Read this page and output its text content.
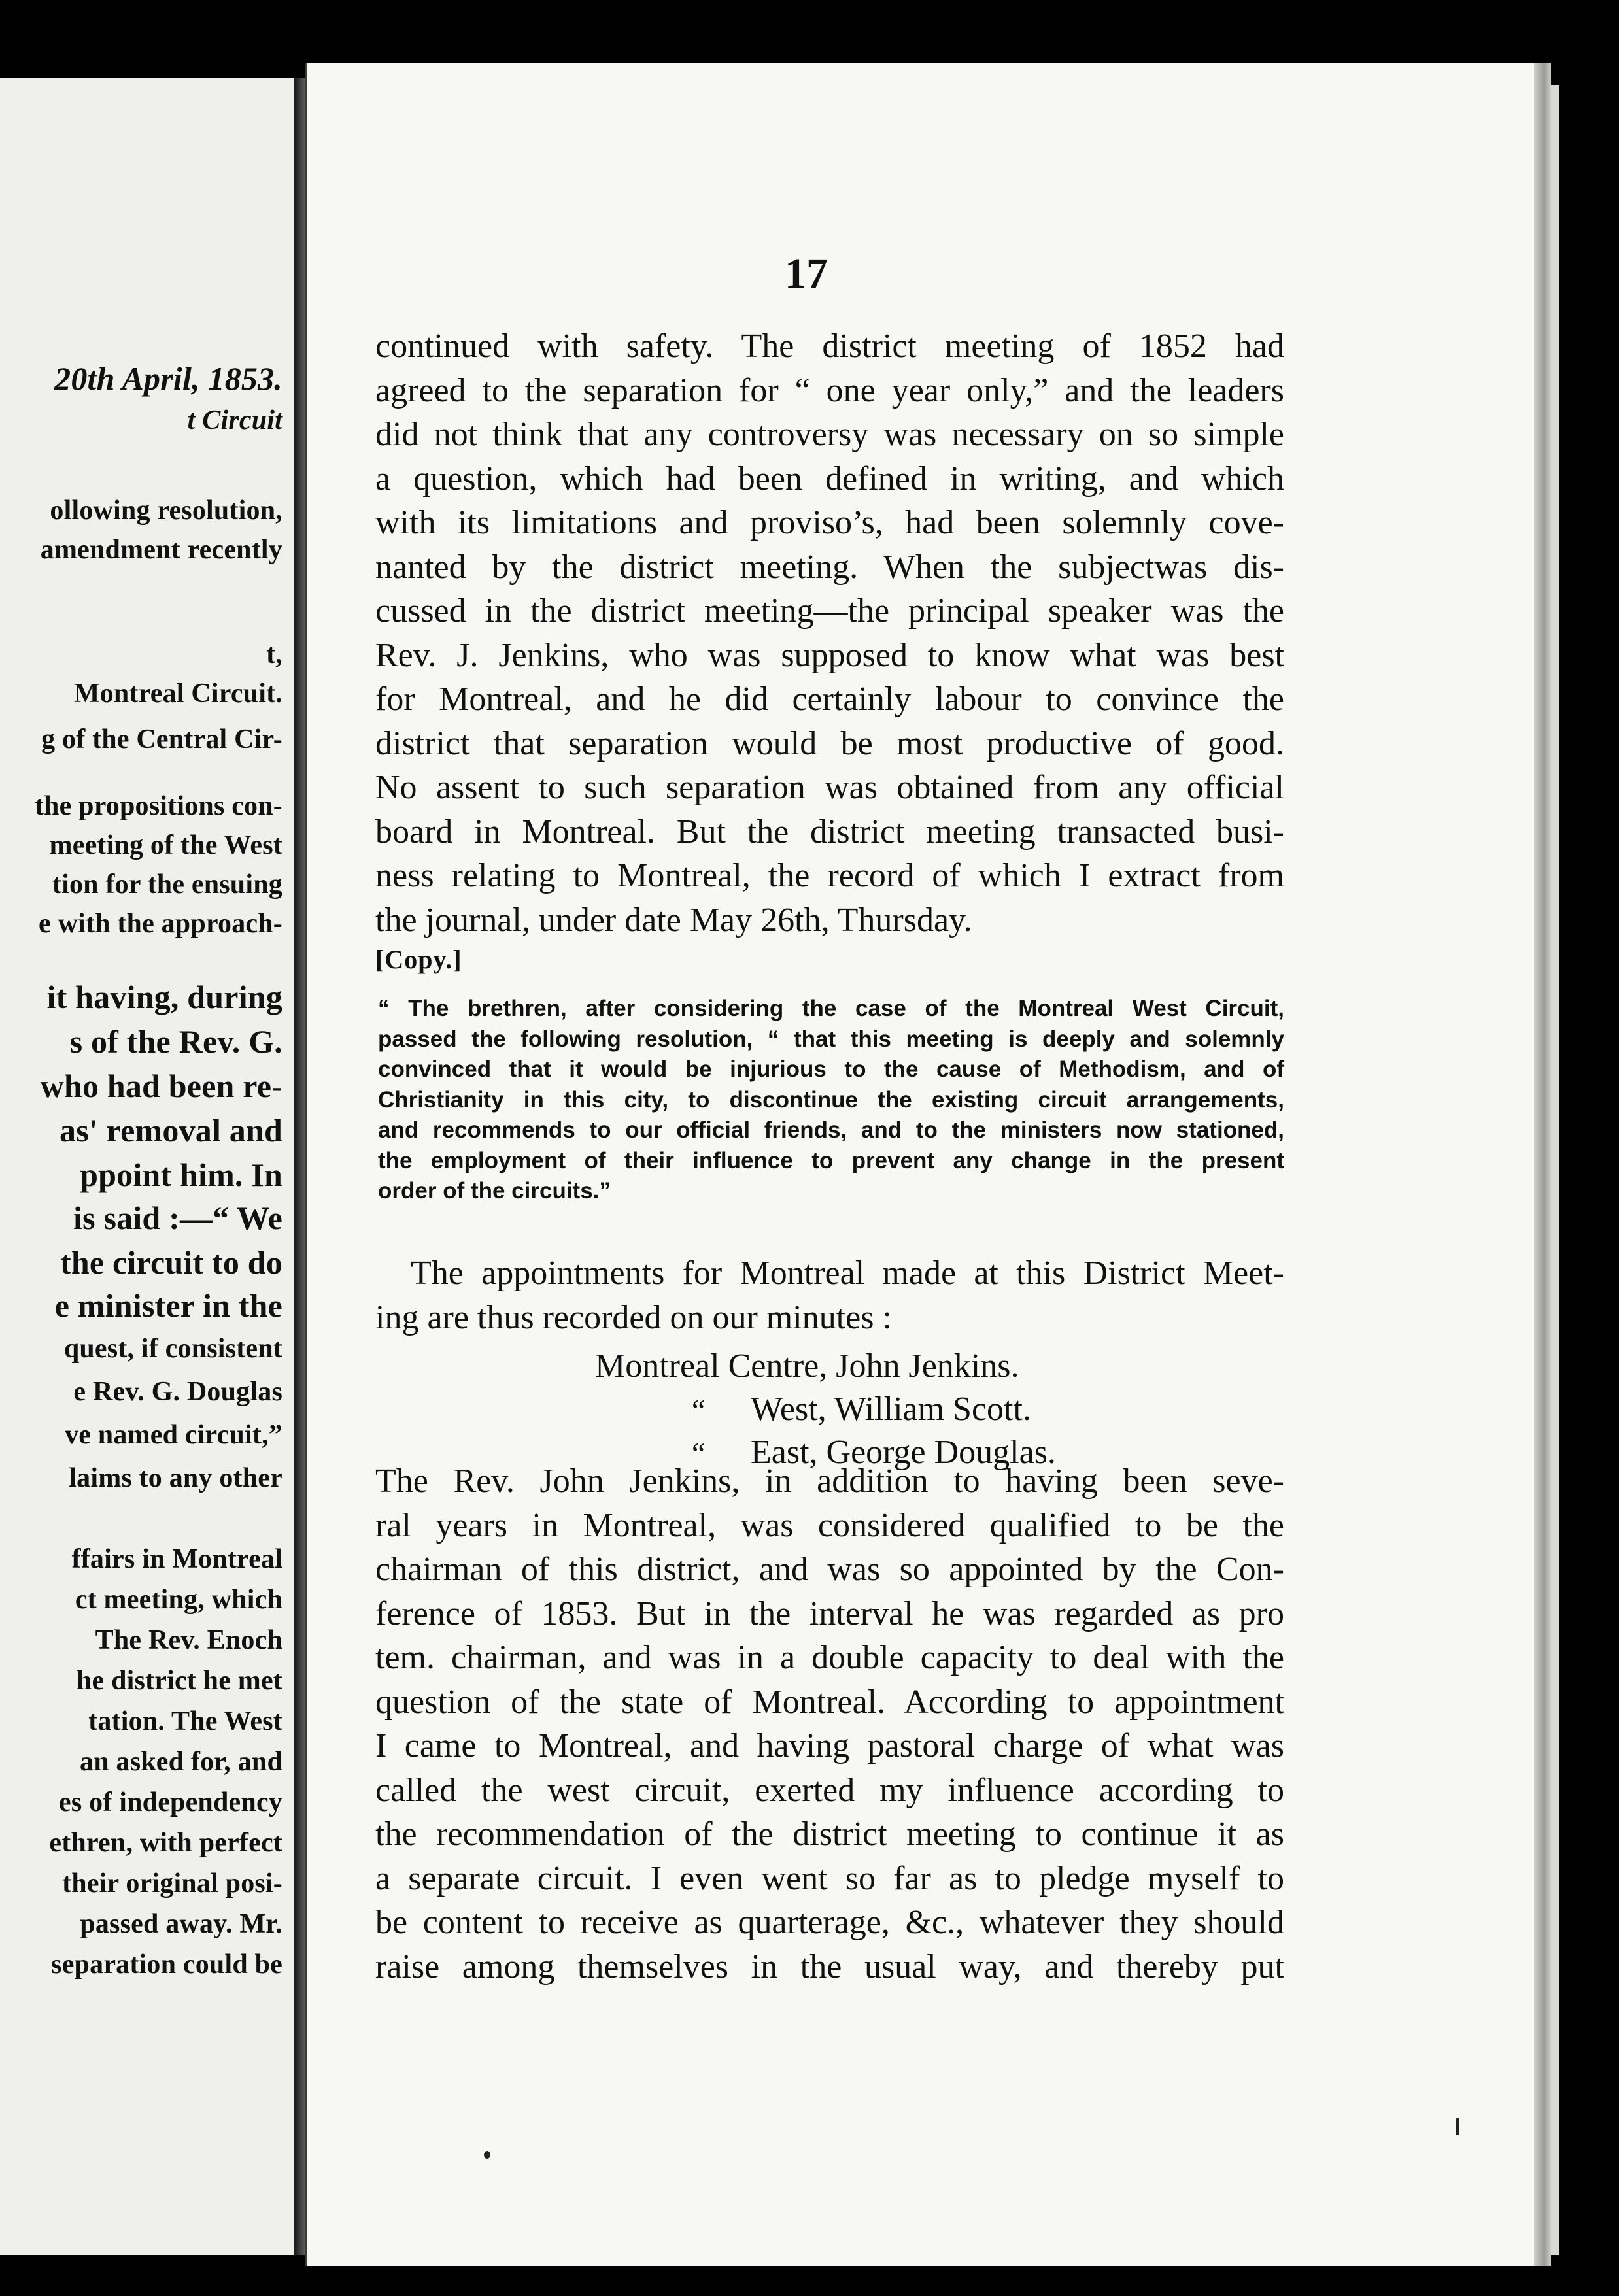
20th April, 1853.
t Circuit
ollowing resolution,
amendment recently
t,
Montreal Circuit.
g of the Central Cir-
the propositions con-
meeting of the West
tion for the ensuing
e with the approach-
it having, during
s of the Rev. G.
who had been re-
as' removal and
ppoint him. In
is said :—“ We
the circuit to do
e minister in the
quest, if consistent
e Rev. G. Douglas
ve named circuit,”
laims to any other
ffairs in Montreal
ct meeting, which
The Rev. Enoch
he district he met
tation. The West
an asked for, and
es of independency
ethren, with perfect
their original posi-
passed away. Mr.
separation could be
17
continued with safety. The district meeting of 1852 had
agreed to the separation for “ one year only,” and the leaders
did not think that any controversy was necessary on so simple
a question, which had been defined in writing, and which
with its limitations and proviso’s, had been solemnly cove-
nanted by the district meeting. When the subjectwas dis-
cussed in the district meeting—the principal speaker was the
Rev. J. Jenkins, who was supposed to know what was best
for Montreal, and he did certainly labour to convince the
district that separation would be most productive of good.
No assent to such separation was obtained from any official
board in Montreal. But the district meeting transacted busi-
ness relating to Montreal, the record of which I extract from
the journal, under date May 26th, Thursday.
[Copy.]
“ The brethren, after considering the case of the Montreal West Circuit,
passed the following resolution, “ that this meeting is deeply and solemnly
convinced that it would be injurious to the cause of Methodism, and of
Christianity in this city, to discontinue the existing circuit arrangements,
and recommends to our official friends, and to the ministers now stationed,
the employment of their influence to prevent any change in the present
order of the circuits.”
The appointments for Montreal made at this District Meet-
ing are thus recorded on our minutes :
Montreal Centre, John Jenkins.
“ West, William Scott.
“ East, George Douglas.
The Rev. John Jenkins, in addition to having been seve-
ral years in Montreal, was considered qualified to be the
chairman of this district, and was so appointed by the Con-
ference of 1853. But in the interval he was regarded as pro
tem. chairman, and was in a double capacity to deal with the
question of the state of Montreal. According to appointment
I came to Montreal, and having pastoral charge of what was
called the west circuit, exerted my influence according to
the recommendation of the district meeting to continue it as
a separate circuit. I even went so far as to pledge myself to
be content to receive as quarterage, &c., whatever they should
raise among themselves in the usual way, and thereby put
